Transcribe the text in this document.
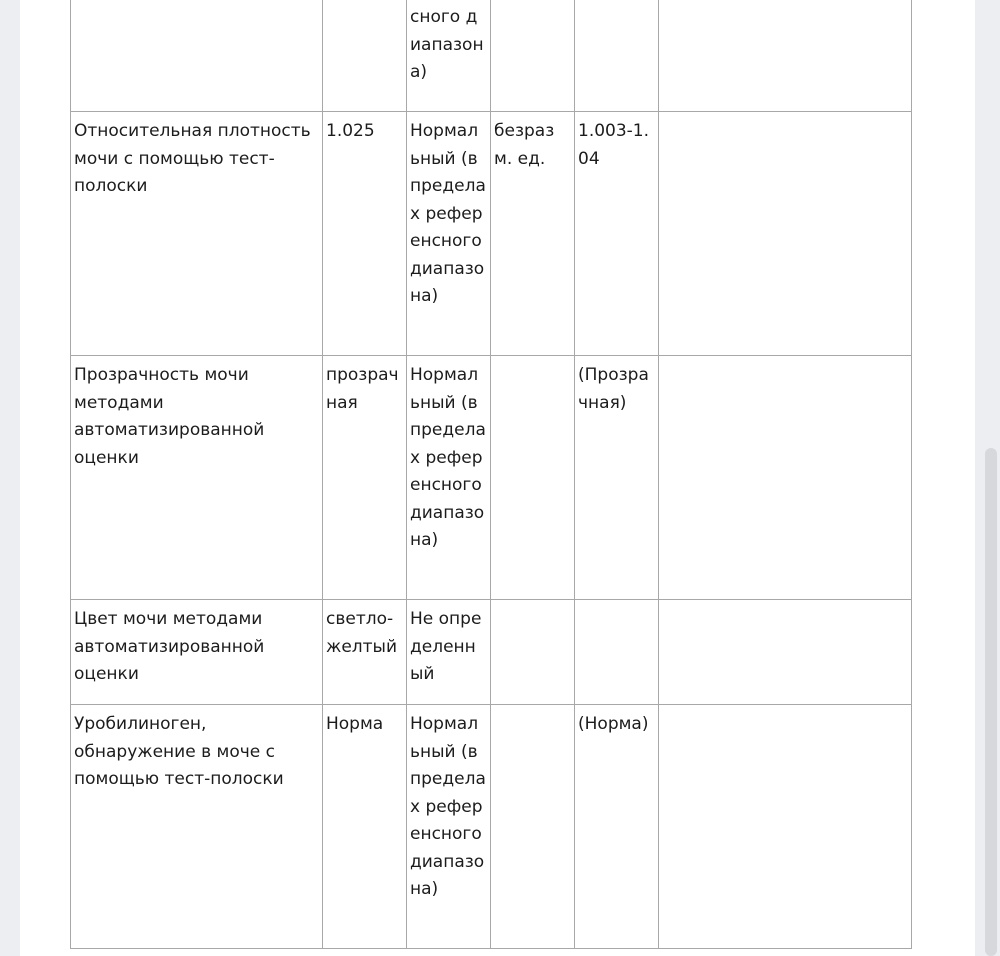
		сного диапазона)			
Относительная плотность мочи с помощью тест-полоски	1.025	Нормальный (в пределах референсного диапазона)	безразм. ед.	1.003-1.04	
Прозрачность мочи методами автоматизированной оценки	прозрачная	Нормальный (в пределах референсного диапазона)		(Прозрачная)	
Цвет мочи методами автоматизированной оценки	светло-желтый	Не определенный			
Уробилиноген, обнаружение в моче с помощью тест-полоски	Норма	Нормальный (в пределах референсного диапазона)		(Норма)	
